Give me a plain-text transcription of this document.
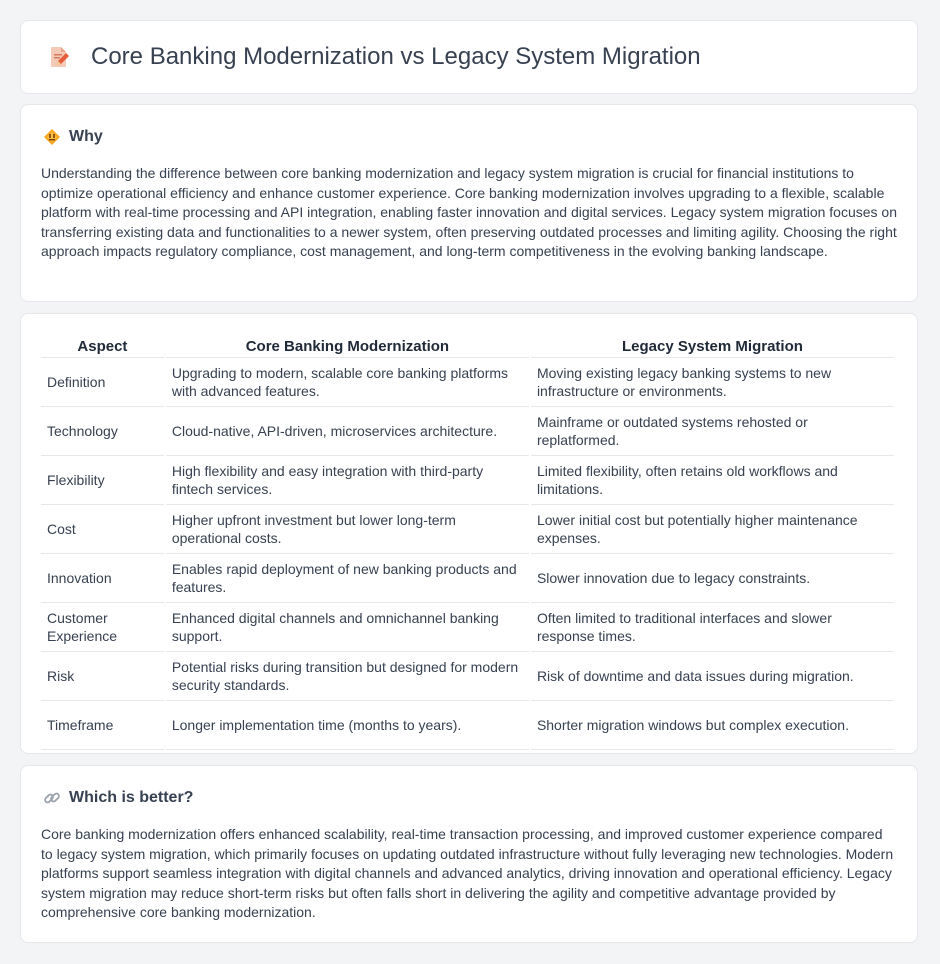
Core Banking Modernization vs Legacy System Migration
Why

Understanding the difference between core banking modernization and legacy system migration is crucial for financial institutions to optimize operational efficiency and enhance customer experience. Core banking modernization involves upgrading to a flexible, scalable platform with real-time processing and API integration, enabling faster innovation and digital services. Legacy system migration focuses on transferring existing data and functionalities to a newer system, often preserving outdated processes and limiting agility. Choosing the right approach impacts regulatory compliance, cost management, and long-term competitiveness in the evolving banking landscape.

Aspect	Core Banking Modernization	Legacy System Migration
Definition	Upgrading to modern, scalable core banking platforms with advanced features.	Moving existing legacy banking systems to new infrastructure or environments.
Technology	Cloud-native, API-driven, microservices architecture.	Mainframe or outdated systems rehosted or replatformed.
Flexibility	High flexibility and easy integration with third-party fintech services.	Limited flexibility, often retains old workflows and limitations.
Cost	Higher upfront investment but lower long-term operational costs.	Lower initial cost but potentially higher maintenance expenses.
Innovation	Enables rapid deployment of new banking products and features.	Slower innovation due to legacy constraints.
Customer Experience	Enhanced digital channels and omnichannel banking support.	Often limited to traditional interfaces and slower response times.
Risk	Potential risks during transition but designed for modern security standards.	Risk of downtime and data issues during migration.
Timeframe	Longer implementation time (months to years).	Shorter migration windows but complex execution.
Which is better?

Core banking modernization offers enhanced scalability, real-time transaction processing, and improved customer experience compared to legacy system migration, which primarily focuses on updating outdated infrastructure without fully leveraging new technologies. Modern platforms support seamless integration with digital channels and advanced analytics, driving innovation and operational efficiency. Legacy system migration may reduce short-term risks but often falls short in delivering the agility and competitive advantage provided by comprehensive core banking modernization.
